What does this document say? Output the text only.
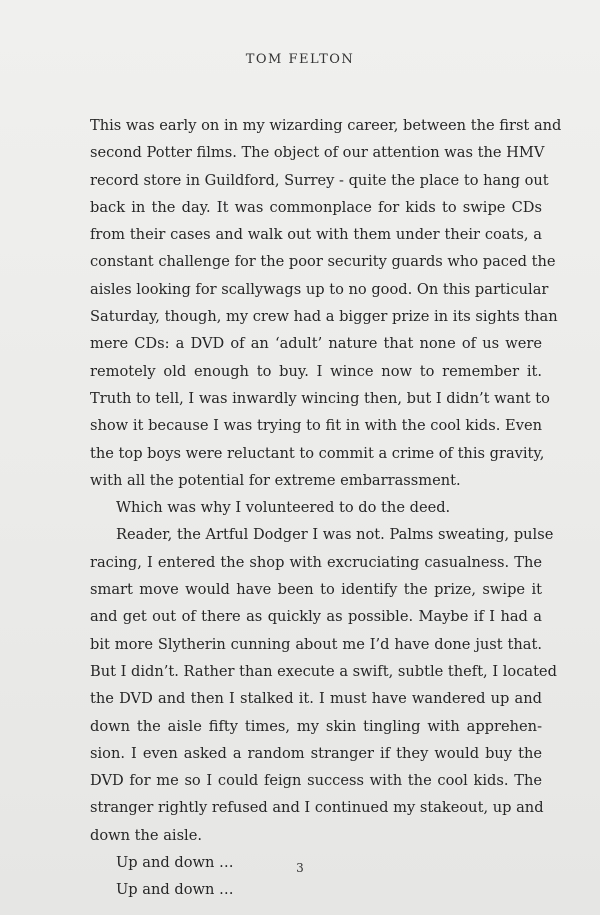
TOM FELTON

This was early on in my wizarding career, between the first and

second Potter films. The object of our attention was the HMV

record store in Guildford, Surrey - quite the place to hang out

back in the day. It was commonplace for kids to swipe CDs

from their cases and walk out with them under their coats, a

constant challenge for the poor security guards who paced the

aisles looking for scallywags up to no good. On this particular

Saturday, though, my crew had a bigger prize in its sights than

mere CDs: a DVD of an ‘adult’ nature that none of us were

remotely old enough to buy. I wince now to remember it.

Truth to tell, I was inwardly wincing then, but I didn’t want to

show it because I was trying to fit in with the cool kids. Even

the top boys were reluctant to commit a crime of this gravity,

with all the potential for extreme embarrassment.

Which was why I volunteered to do the deed.

Reader, the Artful Dodger I was not. Palms sweating, pulse

racing, I entered the shop with excruciating casualness. The

smart move would have been to identify the prize, swipe it

and get out of there as quickly as possible. Maybe if I had a

bit more Slytherin cunning about me I’d have done just that.

But I didn’t. Rather than execute a swift, subtle theft, I located

the DVD and then I stalked it. I must have wandered up and

down the aisle fifty times, my skin tingling with apprehen-

sion. I even asked a random stranger if they would buy the

DVD for me so I could feign success with the cool kids. The

stranger rightly refused and I continued my stakeout, up and

down the aisle.

Up and down …

Up and down …

3
